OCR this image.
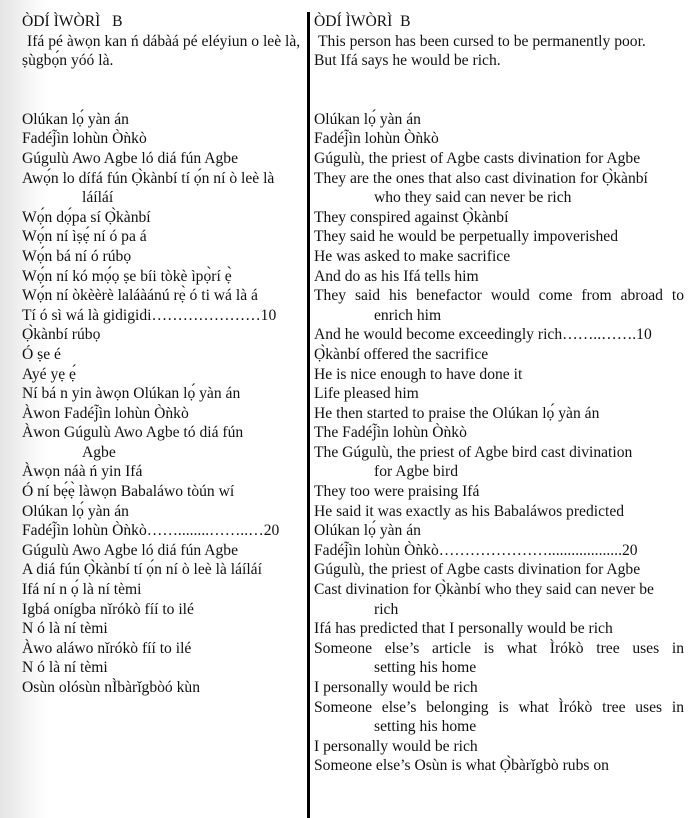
ÒDÍ ÌWÒRÌ   B
Ifá pé àwọn kan ń dábàá pé eléyiun o leè là, ṣùgbọ́n yóó là.
Olúkan lọ́ yàn án
Fadéj̃ìn lohùn Òǹkò
Gúgulù Awo Agbe ló diá fún Agbe
Awọ́n lo dífá fún Ọ̀kànbí tí ọ́n ní ò leè là
láíláí
Wọ́n dọ́pa sí Ọ̀kànbí
Wọ́n ní ìṣẹ́ ní ó pa á
Wọ́n bá ní ó rúbọ
Wọ́n ní kó mọ́ọ ṣe bíi tòkè ìpọ̀rí ẹ̀
Wọ́n ní òkèèrè laláàánú rẹ̀ ó ti wá là á
Tí ó sì wá là gidigidi…………………10
Ọ̀kànbí rúbọ
Ó ṣe é
Ayé yẹ ẹ́
Ní bá n yin àwọn Olúkan lọ́ yàn án
Àwon Fadéj̃ìn lohùn Òǹkò
Àwon Gúgulù Awo Agbe tó diá fún
Agbe
Àwọn náà ń yin Ifá
Ó ní bẹ́ẹ̀ làwọn Babaláwo tòún wí
Olúkan lọ́ yàn án
Fadéj̃ìn lohùn Òǹkò……........……..…20
Gúgulù Awo Agbe ló diá fún Agbe
A diá fún Ọ̀kànbí tí ọ́n ní ò leè là láíláí
Ifá ní n ọ́ là ní tèmi
Igbá onígba nǐrókò fíí to ilé
N ó là ní tèmi
Àwo aláwo nǐrókò fíí to ilé
N ó là ní tèmi
Osùn olósùn nÌbàrǐgbòó kùn
ÒDÍ ÌWÒRÌ  B
This person has been cursed to be permanently poor.
But Ifá says he would be rich.
Olúkan lọ́ yàn án
Fadéj̃ìn lohùn Òǹkò
Gúgulù, the priest of Agbe casts divination for Agbe
They are the ones that also cast divination for Ọ̀kànbí
who they said can never be rich
They conspired against Ọ̀kànbí
They said he would be perpetually impoverished
He was asked to make sacrifice
And do as his Ifá tells him
They said his benefactor would come from abroad to
enrich him
And he would become exceedingly rich……..…….10
Ọ̀kànbí offered the sacrifice
He is nice enough to have done it
Life pleased him
He then started to praise the Olúkan lọ́ yàn án
The Fadéj̃ìn lohùn Òǹkò
The Gúgulù, the priest of Agbe bird cast divination
for Agbe bird
They too were praising Ifá
He said it was exactly as his Babaláwos predicted
Olúkan lọ́ yàn án
Fadéj̃ìn lohùn Òǹkò…………………...................20
Gúgulù, the priest of Agbe casts divination for Agbe
Cast divination for Ọ̀kànbí who they said can never be
rich
Ifá has predicted that I personally would be rich
Someone else’s article is what Ìrókò tree uses in
setting his home
I personally would be rich
Someone else’s belonging is what Ìrókò tree uses in
setting his home
I personally would be rich
Someone else’s Osùn is what Ọ̀bàrǐgbò rubs on
